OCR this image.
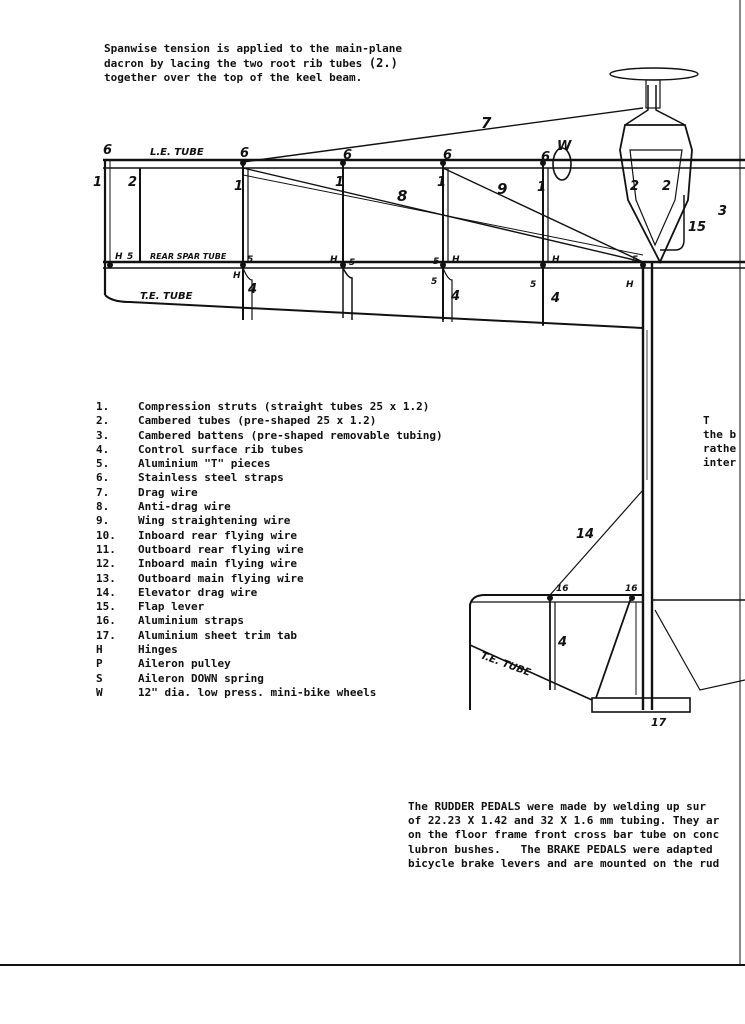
Spanwise tension is applied to the main-plane
dacron by lacing the two root rib tubes (2.)
together over the top of the keel beam.
L.E. TUBE
REAR SPAR TUBE
T.E. TUBE
T.E. TUBE
6	6	6	6	6
1 2	1	1	1	1	2 2
3
7
8	9
15
W
5	5	5	5	5
5	5
H
H
H	H	H
H
4	4	4
4
14
16	16
17
1.	Compression struts (straight tubes 25 x 1.2)
2.	Cambered tubes (pre-shaped 25 x 1.2)
3.	Cambered battens (pre-shaped removable tubing)
4.	Control surface rib tubes
5.	Aluminium "T" pieces
6.	Stainless steel straps
7.	Drag wire
8.	Anti-drag wire
9.	Wing straightening wire
10.	Inboard rear flying wire
11.	Outboard rear flying wire
12.	Inboard main flying wire
13.	Outboard main flying wire
14.	Elevator drag wire
15.	Flap lever
16.	Aluminium straps
17.	Aluminium sheet trim tab
H	Hinges
P	Aileron pulley
S	Aileron DOWN spring
W	12" dia. low press. mini-bike wheels
T
the b
rathe
inter
The RUDDER PEDALS were made by welding up sur
of 22.23 X 1.42 and 32 X 1.6 mm tubing. They ar
on the floor frame front cross bar tube on conc
lubron bushes.   The BRAKE PEDALS were adapted
bicycle brake levers and are mounted on the rud
